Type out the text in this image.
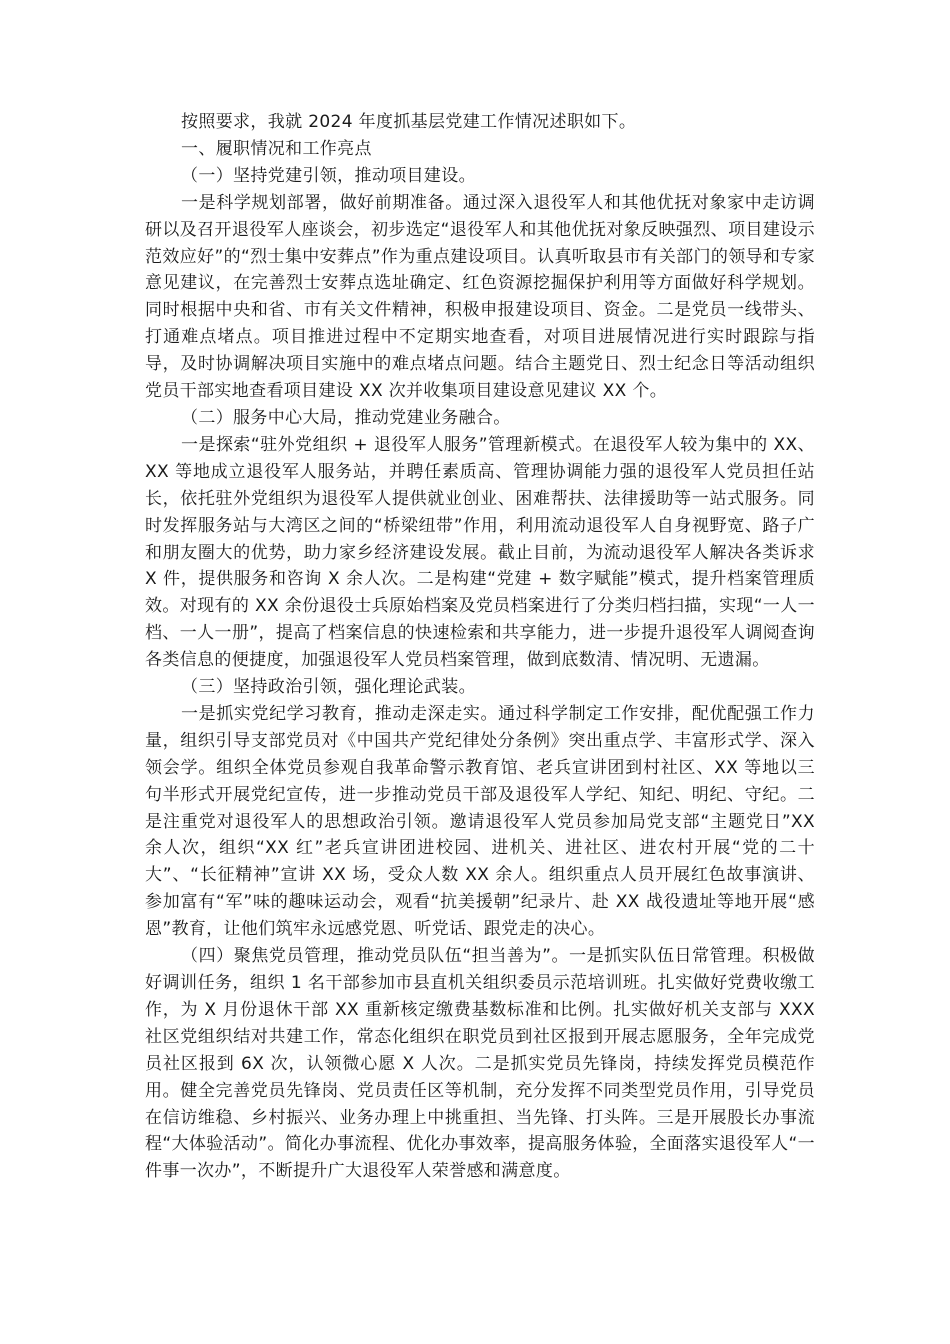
按照要求，我就 2024 年度抓基层党建工作情况述职如下。

一、履职情况和工作亮点

（一）坚持党建引领，推动项目建设。

一是科学规划部署，做好前期准备。通过深入退役军人和其他优抚对象家中走访调研以及召开退役军人座谈会，初步选定“退役军人和其他优抚对象反映强烈、项目建设示范效应好”的“烈士集中安葬点”作为重点建设项目。认真听取县市有关部门的领导和专家意见建议，在完善烈士安葬点选址确定、红色资源挖掘保护利用等方面做好科学规划。同时根据中央和省、市有关文件精神，积极申报建设项目、资金。二是党员一线带头、打通难点堵点。项目推进过程中不定期实地查看，对项目进展情况进行实时跟踪与指导，及时协调解决项目实施中的难点堵点问题。结合主题党日、烈士纪念日等活动组织党员干部实地查看项目建设 XX 次并收集项目建设意见建议 XX 个。

（二）服务中心大局，推动党建业务融合。

一是探索“驻外党组织 + 退役军人服务”管理新模式。在退役军人较为集中的 XX、XX 等地成立退役军人服务站，并聘任素质高、管理协调能力强的退役军人党员担任站长，依托驻外党组织为退役军人提供就业创业、困难帮扶、法律援助等一站式服务。同时发挥服务站与大湾区之间的“桥梁纽带”作用，利用流动退役军人自身视野宽、路子广和朋友圈大的优势，助力家乡经济建设发展。截止目前，为流动退役军人解决各类诉求 X 件，提供服务和咨询 X 余人次。二是构建“党建 + 数字赋能”模式，提升档案管理质效。对现有的 XX 余份退役士兵原始档案及党员档案进行了分类归档扫描，实现“一人一档、一人一册”，提高了档案信息的快速检索和共享能力，进一步提升退役军人调阅查询各类信息的便捷度，加强退役军人党员档案管理，做到底数清、情况明、无遗漏。

（三）坚持政治引领，强化理论武装。

一是抓实党纪学习教育，推动走深走实。通过科学制定工作安排，配优配强工作力量，组织引导支部党员对《中国共产党纪律处分条例》突出重点学、丰富形式学、深入领会学。组织全体党员参观自我革命警示教育馆、老兵宣讲团到村社区、XX 等地以三句半形式开展党纪宣传，进一步推动党员干部及退役军人学纪、知纪、明纪、守纪。二是注重党对退役军人的思想政治引领。邀请退役军人党员参加局党支部“主题党日”XX 余人次，组织“XX 红”老兵宣讲团进校园、进机关、进社区、进农村开展“党的二十大”、“长征精神”宣讲 XX 场，受众人数 XX 余人。组织重点人员开展红色故事演讲、参加富有“军”味的趣味运动会，观看“抗美援朝”纪录片、赴 XX 战役遗址等地开展“感恩”教育，让他们筑牢永远感党恩、听党话、跟党走的决心。

（四）聚焦党员管理，推动党员队伍“担当善为”。一是抓实队伍日常管理。积极做好调训任务，组织 1 名干部参加市县直机关组织委员示范培训班。扎实做好党费收缴工作，为 X 月份退休干部 XX 重新核定缴费基数标准和比例。扎实做好机关支部与 XXX 社区党组织结对共建工作，常态化组织在职党员到社区报到开展志愿服务，全年完成党员社区报到 6X 次，认领微心愿 X 人次。二是抓实党员先锋岗，持续发挥党员模范作用。健全完善党员先锋岗、党员责任区等机制，充分发挥不同类型党员作用，引导党员在信访维稳、乡村振兴、业务办理上中挑重担、当先锋、打头阵。三是开展股长办事流程“大体验活动”。简化办事流程、优化办事效率，提高服务体验，全面落实退役军人“一件事一次办”，不断提升广大退役军人荣誉感和满意度。
